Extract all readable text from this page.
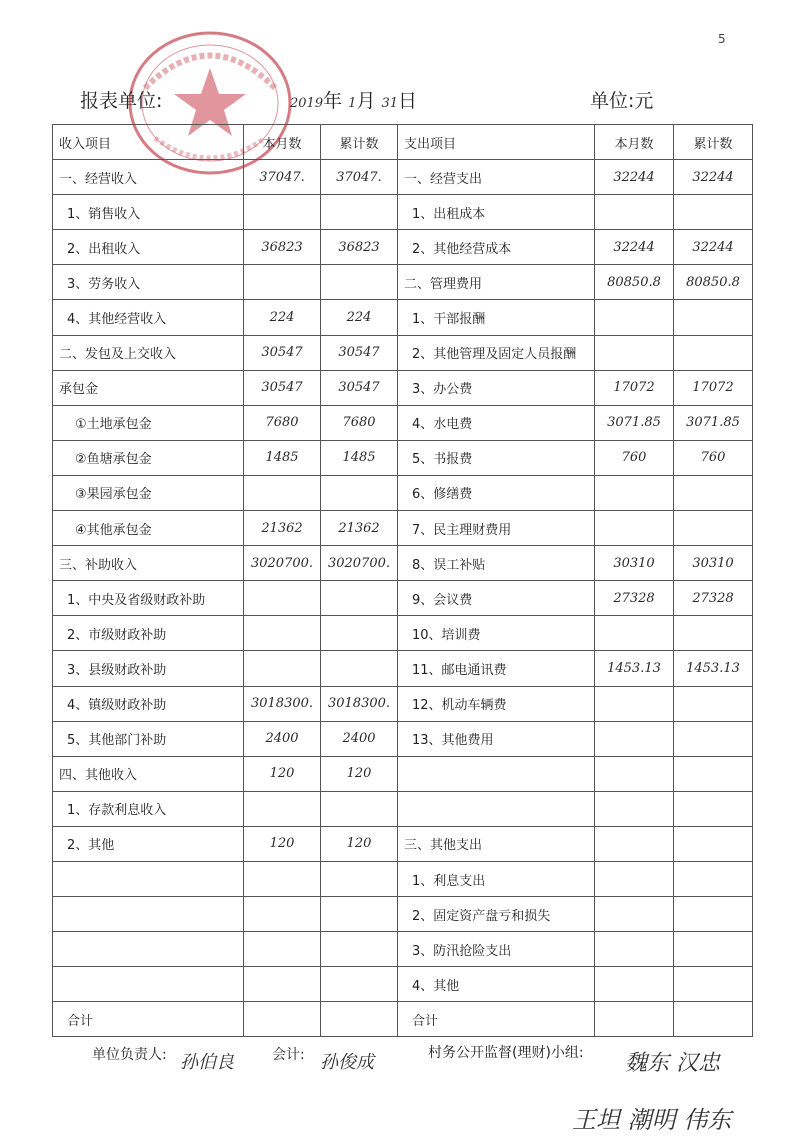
5
报表单位:	2019年 1月 31日	单位:元
收入项目	本月数	累计数	支出项目	本月数	累计数
一、经营收入	37047.	37047.	一、经营支出	32244	32244
1、销售收入			1、出租成本		
2、出租收入	36823	36823	2、其他经营成本	32244	32244
3、劳务收入			二、管理费用	80850.8	80850.8
4、其他经营收入	224	224	1、干部报酬		
二、发包及上交收入	30547	30547	2、其他管理及固定人员报酬		
承包金	30547	30547	3、办公费	17072	17072
①土地承包金	7680	7680	4、水电费	3071.85	3071.85
②鱼塘承包金	1485	1485	5、书报费	760	760
③果园承包金			6、修缮费		
④其他承包金	21362	21362	7、民主理财费用		
三、补助收入	3020700.	3020700.	8、误工补贴	30310	30310
1、中央及省级财政补助			9、会议费	27328	27328
2、市级财政补助			10、培训费		
3、县级财政补助			11、邮电通讯费	1453.13	1453.13
4、镇级财政补助	3018300.	3018300.	12、机动车辆费		
5、其他部门补助	2400	2400	13、其他费用		
四、其他收入	120	120			
1、存款利息收入					
2、其他	120	120	三、其他支出		
			1、利息支出		
			2、固定资产盘亏和损失		
			3、防汛抢险支出		
			4、其他		
合计			合计		
单位负责人: 孙伯良	会计: 孙俊成	村务公开监督(理财)小组: 魏东 汉忠
王坦 潮明 伟东
